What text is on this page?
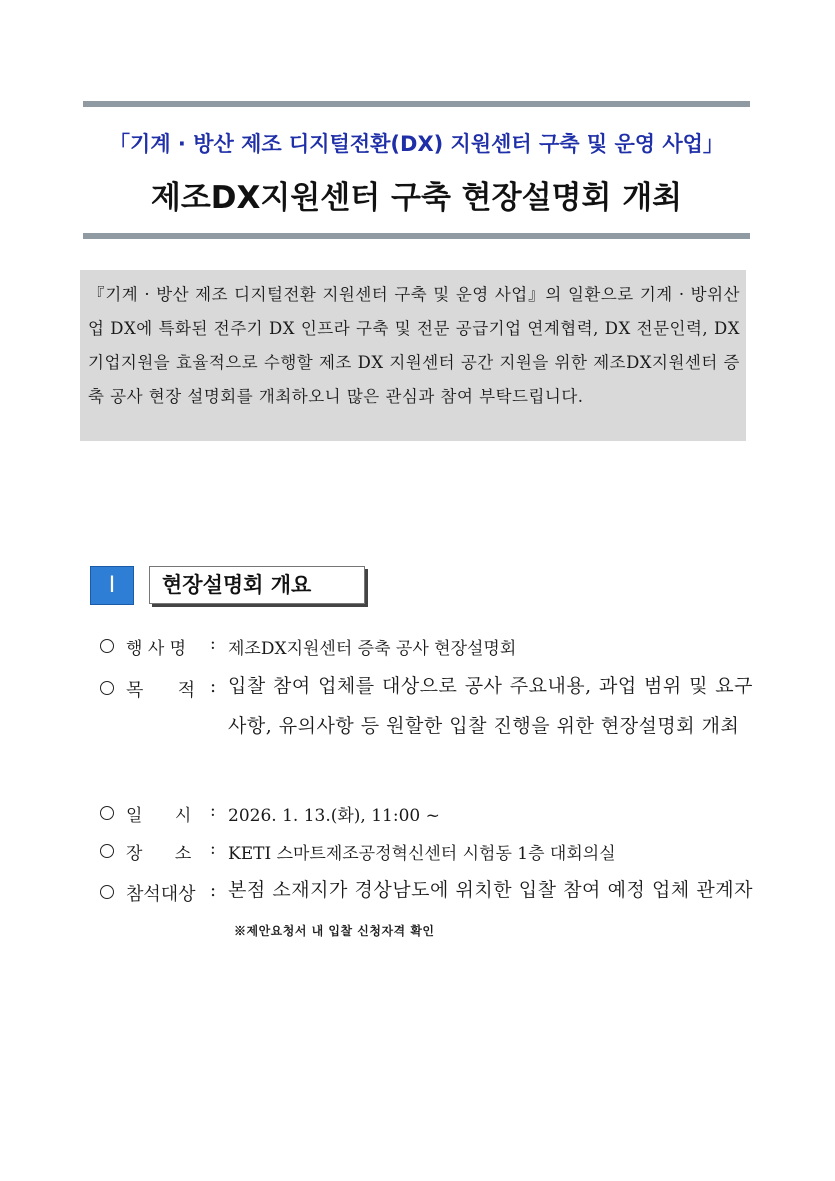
「기계 · 방산 제조 디지털전환(DX) 지원센터 구축 및 운영 사업」
제조DX지원센터 구축 현장설명회 개최
『기계 · 방산 제조 디지털전환 지원센터 구축 및 운영 사업』의 일환으로 기계 · 방위산업 DX에 특화된 전주기 DX 인프라 구축 및 전문 공급기업 연계협력, DX 전문인력, DX 기업지원을 효율적으로 수행할 제조 DX 지원센터 공간 지원을 위한 제조DX지원센터 증축 공사 현장 설명회를 개최하오니 많은 관심과 참여 부탁드립니다.
I	현장설명회 개요
행 사 명 : 제조DX지원센터 증축 공사 현장설명회
목      적 : 입찰 참여 업체를 대상으로 공사 주요내용, 과업 범위 및 요구사항, 유의사항 등 원할한 입찰 진행을 위한 현장설명회 개최
일      시 : 2026. 1. 13.(화), 11:00 ~
장      소 : KETI 스마트제조공정혁신센터 시험동 1층 대회의실
참석대상 : 본점 소재지가 경상남도에 위치한 입찰 참여 예정 업체 관계자※제안요청서 내 입찰 신청자격 확인
